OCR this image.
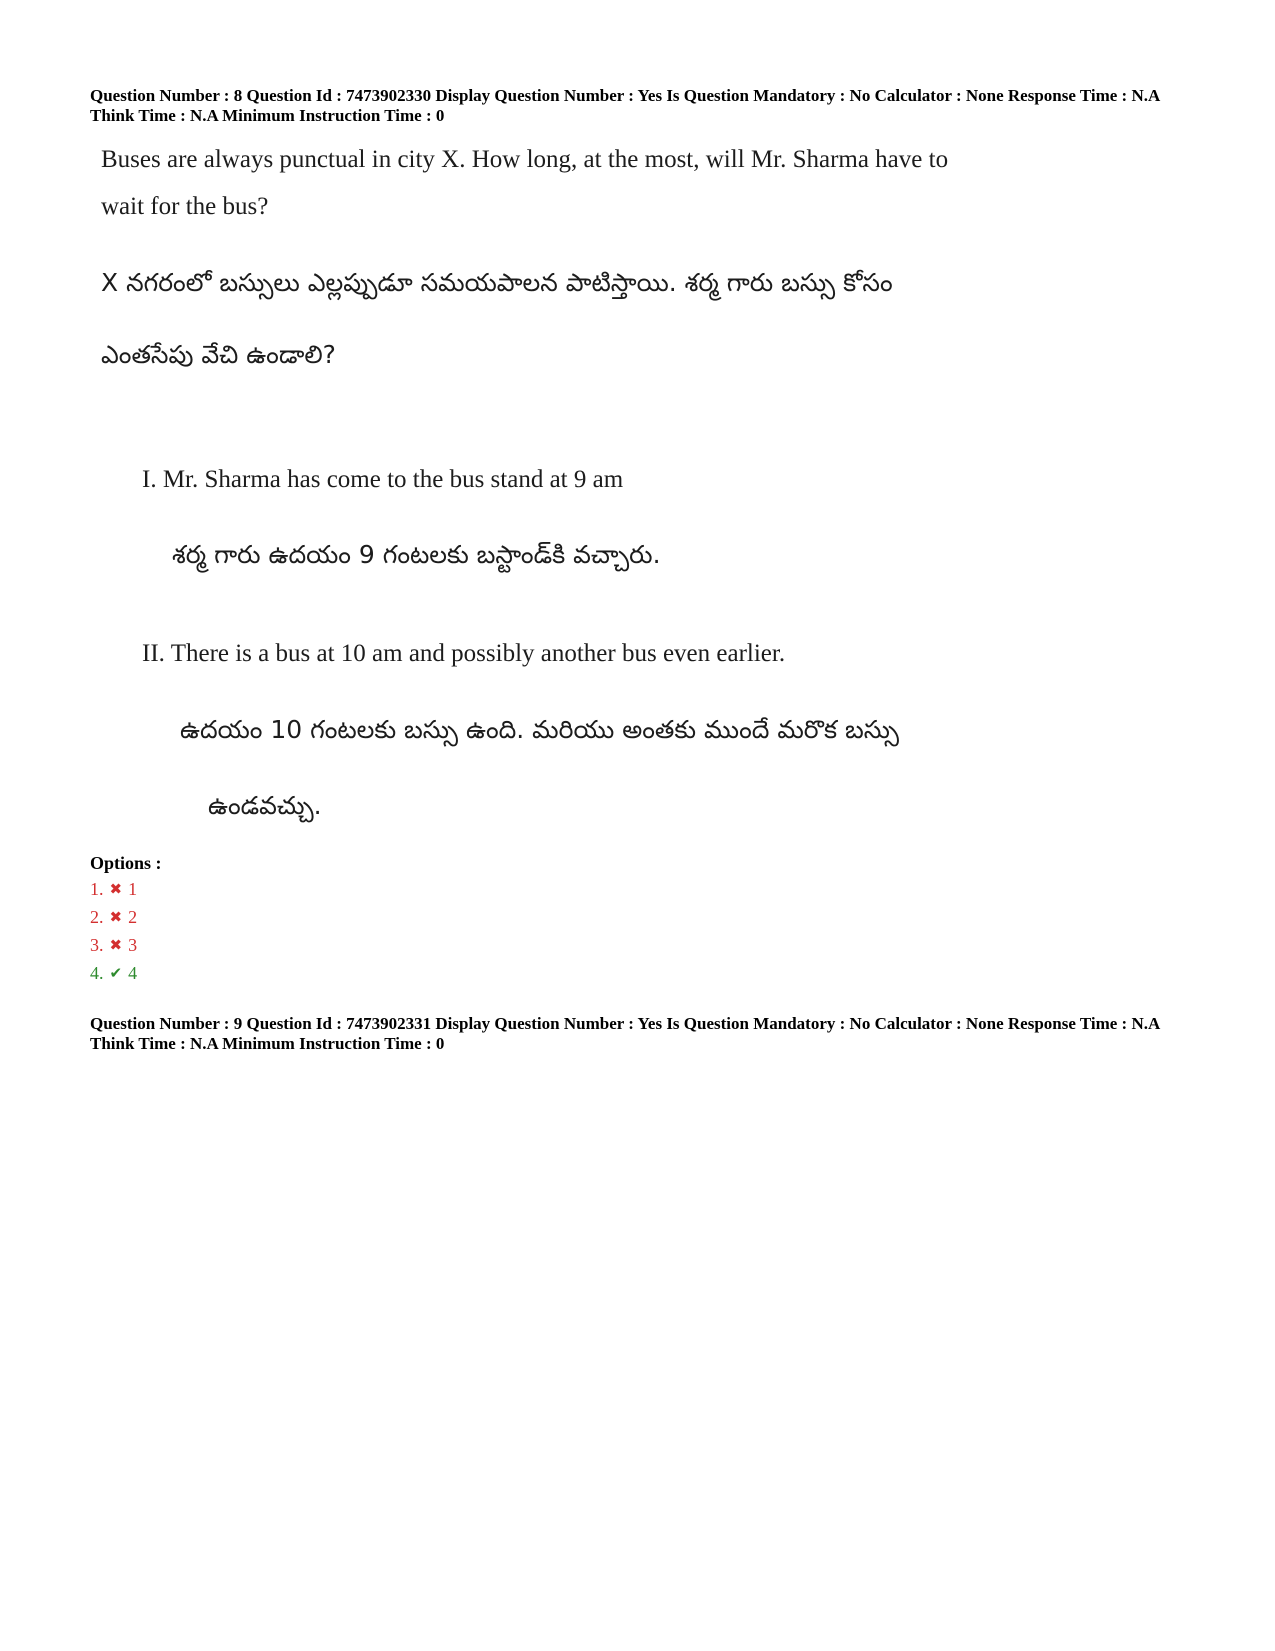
Question Number : 8 Question Id : 7473902330 Display Question Number : Yes Is Question Mandatory : No Calculator : None Response Time : N.A Think Time : N.A Minimum Instruction Time : 0
Buses are always punctual in city X. How long, at the most, will Mr. Sharma have to
wait for the bus?
X నగరంలో బస్సులు ఎల్లప్పుడూ సమయపాలన పాటిస్తాయి. శర్మ గారు బస్సు కోసం
ఎంతసేపు వేచి ఉండాలి?
I. Mr. Sharma has come to the bus stand at 9 am
శర్మ గారు ఉదయం 9 గంటలకు బస్టాండ్‌కి వచ్చారు.
II. There is a bus at 10 am and possibly another bus even earlier.
ఉదయం 10 గంటలకు బస్సు ఉంది. మరియు అంతకు ముందే మరొక బస్సు
ఉండవచ్చు.
Options :
1. ✖ 1
2. ✖ 2
3. ✖ 3
4. ✔ 4
Question Number : 9 Question Id : 7473902331 Display Question Number : Yes Is Question Mandatory : No Calculator : None Response Time : N.A Think Time : N.A Minimum Instruction Time : 0
